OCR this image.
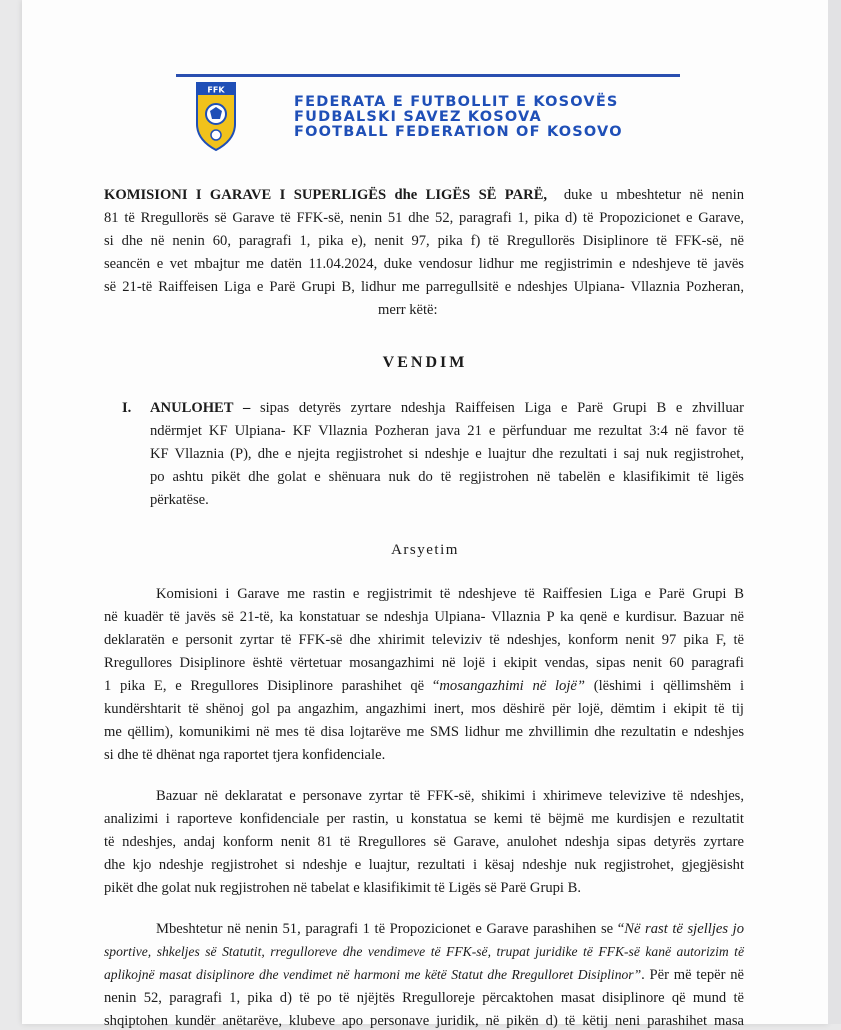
FFK
FEDERATA E FUTBOLLIT E KOSOVËS
FUDBALSKI SAVEZ KOSOVA
FOOTBALL FEDERATION OF KOSOVO
KOMISIONI I GARAVE I SUPERLIGËS dhe LIGËS SË PARË, duke u mbeshtetur në nenin
81 të Rregullorës së Garave të FFK-së, nenin 51 dhe 52, paragrafi 1, pika d) të Propozicionet e Garave,
si dhe në nenin 60, paragrafi 1, pika e), nenit 97, pika f) të Rregullorës Disiplinore të FFK-së, në
seancën e vet mbajtur me datën 11.04.2024, duke vendosur lidhur me regjistrimin e ndeshjeve të javës
së 21-të Raiffeisen Liga e Parë Grupi B, lidhur me parregullsitë e ndeshjes Ulpiana- Vllaznia Pozheran,
merr këtë:
VENDIM
I. ANULOHET – sipas detyrës zyrtare ndeshja Raiffeisen Liga e Parë Grupi B e zhvilluar
ndërmjet KF Ulpiana- KF Vllaznia Pozheran java 21 e përfunduar me rezultat 3:4 në favor të
KF Vllaznia (P), dhe e njejta regjistrohet si ndeshje e luajtur dhe rezultati i saj nuk regjistrohet,
po ashtu pikët dhe golat e shënuara nuk do të regjistrohen në tabelën e klasifikimit të ligës
përkatëse.
Arsyetim
Komisioni i Garave me rastin e regjistrimit të ndeshjeve të Raiffesien Liga e Parë Grupi B
në kuadër të javës së 21-të, ka konstatuar se ndeshja Ulpiana- Vllaznia P ka qenë e kurdisur. Bazuar në
deklaratën e personit zyrtar të FFK-së dhe xhirimit televiziv të ndeshjes, konform nenit 97 pika F, të
Rregullores Disiplinore është vërtetuar mosangazhimi në lojë i ekipit vendas, sipas nenit 60 paragrafi
1 pika E, e Rregullores Disiplinore parashihet që “mosangazhimi në lojë” (lëshimi i qëllimshëm i
kundërshtarit të shënoj gol pa angazhim, angazhimi inert, mos dëshirë për lojë, dëmtim i ekipit të tij
me qëllim), komunikimi në mes të disa lojtarëve me SMS lidhur me zhvillimin dhe rezultatin e ndeshjes
si dhe të dhënat nga raportet tjera konfidenciale.
Bazuar në deklaratat e personave zyrtar të FFK-së, shikimi i xhirimeve televizive të ndeshjes,
analizimi i raporteve konfidenciale per rastin, u konstatua se kemi të bëjmë me kurdisjen e rezultatit
të ndeshjes, andaj konform nenit 81 të Rregullores së Garave, anulohet ndeshja sipas detyrës zyrtare
dhe kjo ndeshje regjistrohet si ndeshje e luajtur, rezultati i kësaj ndeshje nuk regjistrohet, gjegjësisht
pikët dhe golat nuk regjistrohen në tabelat e klasifikimit të Ligës së Parë Grupi B.
Mbeshtetur në nenin 51, paragrafi 1 të Propozicionet e Garave parashihen se “Në rast të sjelljes jo
sportive, shkeljes së Statutit, rregulloreve dhe vendimeve të FFK-së, trupat juridike të FFK-së kanë autorizim të
aplikojnë masat disiplinore dhe vendimet në harmoni me këtë Statut dhe Rregulloret Disiplinor”. Për më tepër në
nenin 52, paragrafi 1, pika d) të po të njëjtës Rregulloreje përcaktohen masat disiplinore që mund të
shqiptohen kundër anëtarëve, klubeve apo personave juridik, në pikën d) të këtij neni parashihet masa
